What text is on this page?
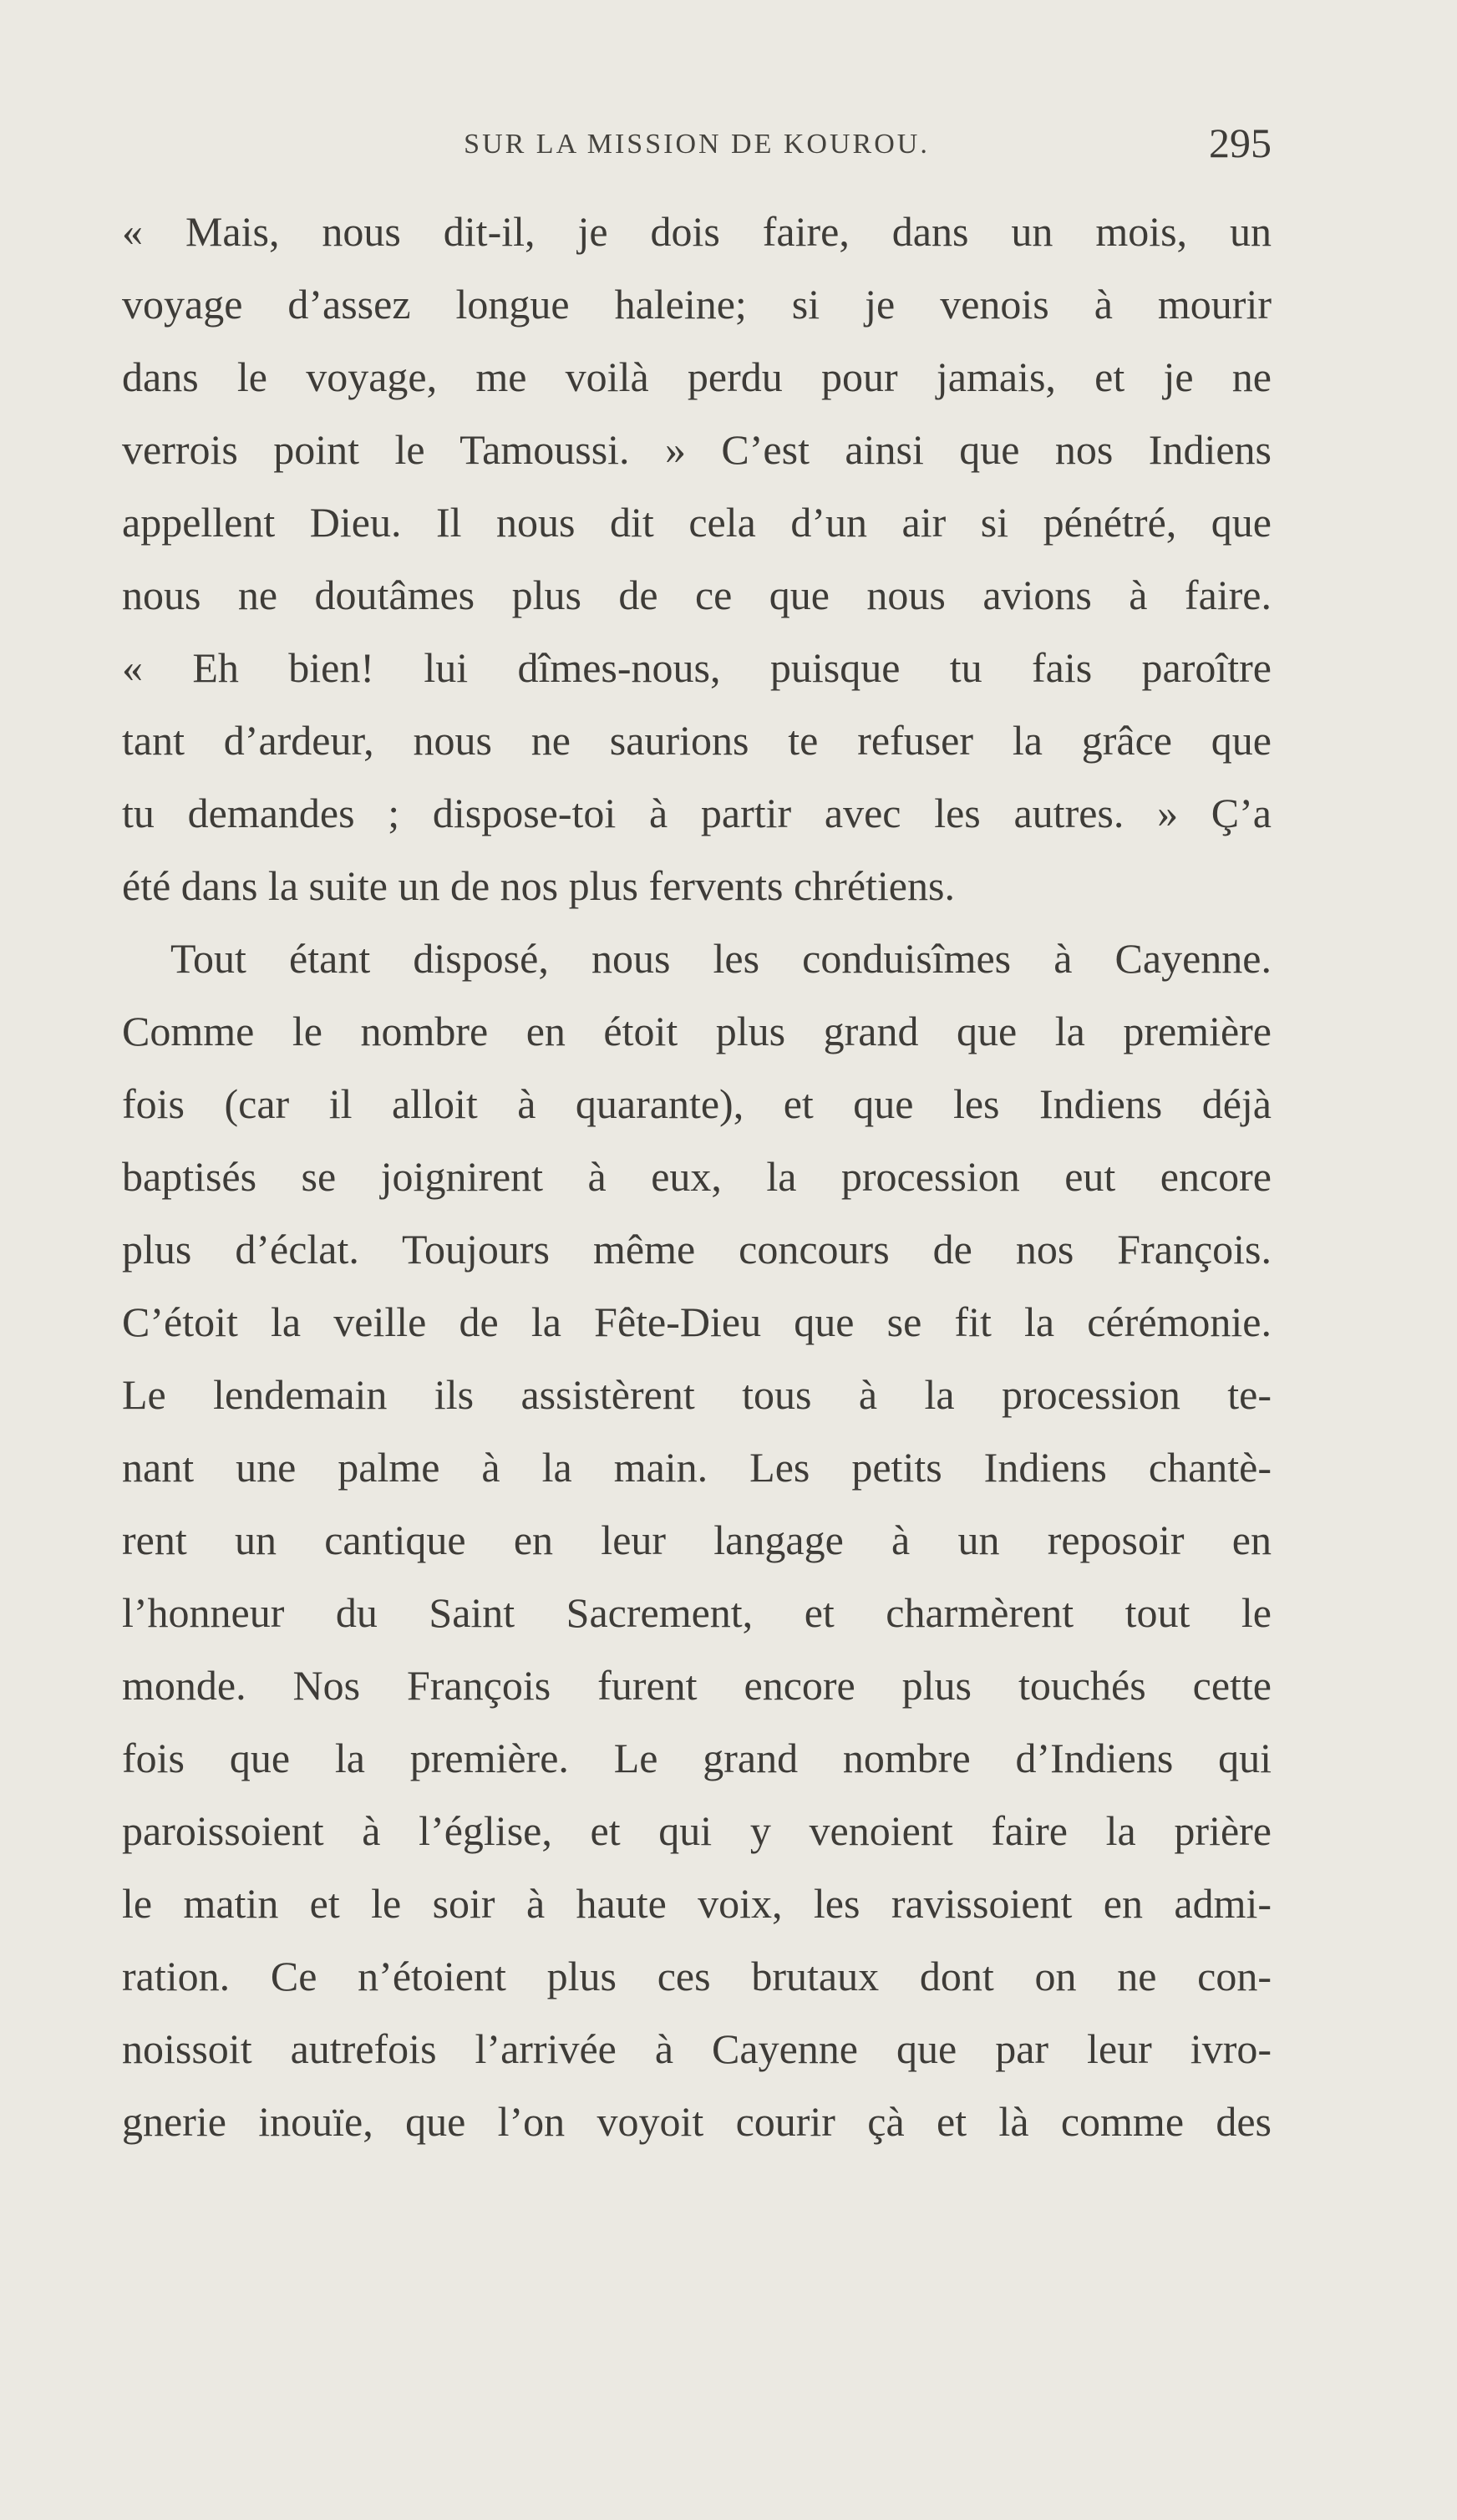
SUR LA MISSION DE KOUROU.	295
« Mais, nous dit-il, je dois faire, dans un mois, un
voyage d’assez longue haleine; si je venois à mourir
dans le voyage, me voilà perdu pour jamais, et je ne
verrois point le Tamoussi. » C’est ainsi que nos Indiens
appellent Dieu. Il nous dit cela d’un air si pénétré, que
nous ne doutâmes plus de ce que nous avions à faire.
« Eh bien! lui dîmes-nous, puisque tu fais paroître
tant d’ardeur, nous ne saurions te refuser la grâce que
tu demandes ; dispose-toi à partir avec les autres. » Ç’a
été dans la suite un de nos plus fervents chrétiens.
Tout étant disposé, nous les conduisîmes à Cayenne.
Comme le nombre en étoit plus grand que la première
fois (car il alloit à quarante), et que les Indiens déjà
baptisés se joignirent à eux, la procession eut encore
plus d’éclat. Toujours même concours de nos François.
C’étoit la veille de la Fête-Dieu que se fit la cérémonie.
Le lendemain ils assistèrent tous à la procession te-
nant une palme à la main. Les petits Indiens chantè-
rent un cantique en leur langage à un reposoir en
l’honneur du Saint Sacrement, et charmèrent tout le
monde. Nos François furent encore plus touchés cette
fois que la première. Le grand nombre d’Indiens qui
paroissoient à l’église, et qui y venoient faire la prière
le matin et le soir à haute voix, les ravissoient en admi-
ration. Ce n’étoient plus ces brutaux dont on ne con-
noissoit autrefois l’arrivée à Cayenne que par leur ivro-
gnerie inouïe, que l’on voyoit courir çà et là comme des
